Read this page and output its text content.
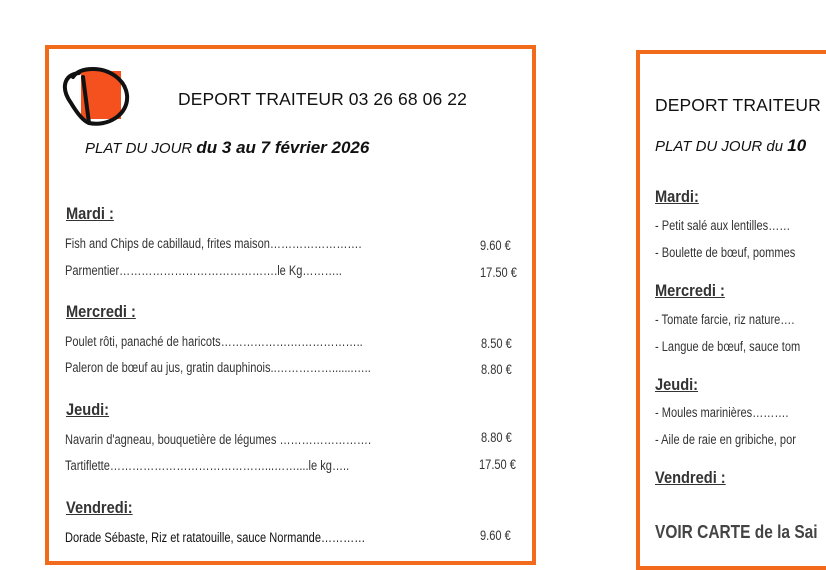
DEPORT TRAITEUR 03 26 68 06 22
PLAT DU JOUR du 3 au 7 février 2026
Mardi :
Fish and Chips de cabillaud, frites maison…………………….	9.60 €
Parmentier…………………………………….le Kg………..	17.50 €
Mercredi :
Poulet rôti, panaché de haricots……………….………………..	8.50 €
Paleron de bœuf au jus, gratin dauphinois..…………….......…..	8.80 €
Jeudi:
Navarin d'agneau, bouquetière de légumes …………………….	8.80 €
Tartiflette……………………………………...……....le kg…..	17.50 €
Vendredi:
Dorade Sébaste, Riz et ratatouille, sauce Normande…………	9.60 €
DEPORT TRAITEUR
PLAT DU JOUR du 10
Mardi:
- Petit salé aux lentilles……
- Boulette de bœuf, pommes
Mercredi :
- Tomate farcie, riz nature….
- Langue de bœuf, sauce tom
Jeudi:
- Moules marinières……….
- Aile de raie en gribiche, por
Vendredi :
VOIR CARTE de la Sai
